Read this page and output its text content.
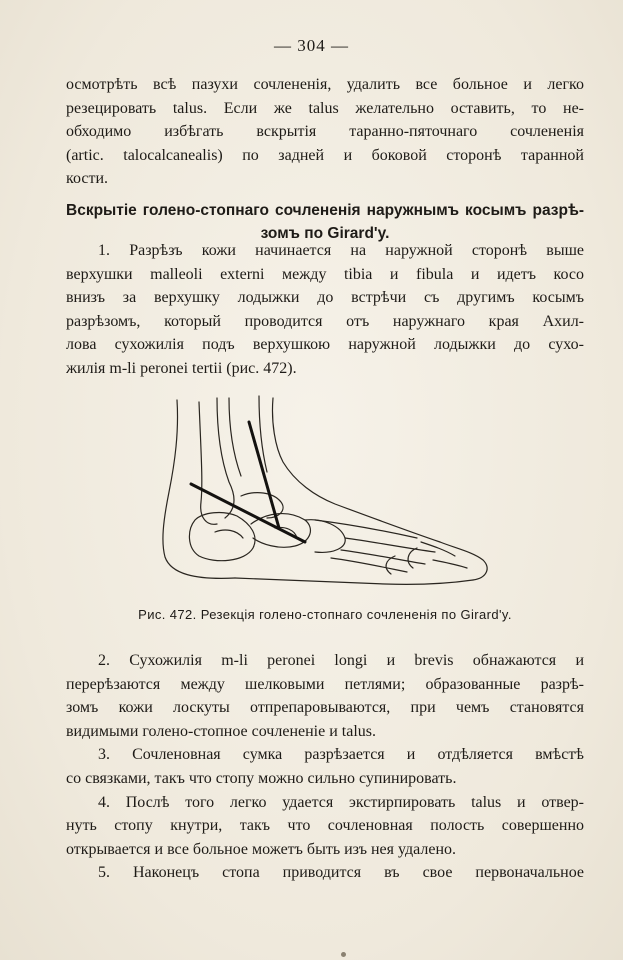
— 304 —
осмотрѣть всѣ пазухи сочлененія, удалить все больное и легко
резецировать talus. Если же talus желательно оставить, то не-
обходимо избѣгать вскрытія таранно-пяточнаго сочлененія
(artic. talocalcanealis) по задней и боковой сторонѣ таранной
кости.
Вскрытіе голено-стопнаго сочлененія наружнымъ косымъ разрѣ-
зомъ по Girard'y.
1. Разрѣзъ кожи начинается на наружной сторонѣ выше
верхушки malleoli externi между tibia и fibula и идетъ косо
внизъ за верхушку лодыжки до встрѣчи съ другимъ косымъ
разрѣзомъ, который проводится отъ наружнаго края Ахил-
лова сухожилія подъ верхушкою наружной лодыжки до сухо-
жилія m-li peronei tertii (рис. 472).
Рис. 472. Резекція голено-стопнаго сочлененія по Girard'y.
2. Сухожилія m-li peronei longi и brevis обнажаются и
перерѣзаются между шелковыми петлями; образованные разрѣ-
зомъ кожи лоскуты отпрепаровываются, при чемъ становятся
видимыми голено-стопное сочлененіе и talus.
3. Сочленовная сумка разрѣзается и отдѣляется вмѣстѣ
со связками, такъ что стопу можно сильно супинировать.
4. Послѣ того легко удается экстирпировать talus и отвер-
нуть стопу кнутри, такъ что сочленовная полость совершенно
открывается и все больное можетъ быть изъ нея удалено.
5. Наконецъ стопа приводится въ свое первоначальное
